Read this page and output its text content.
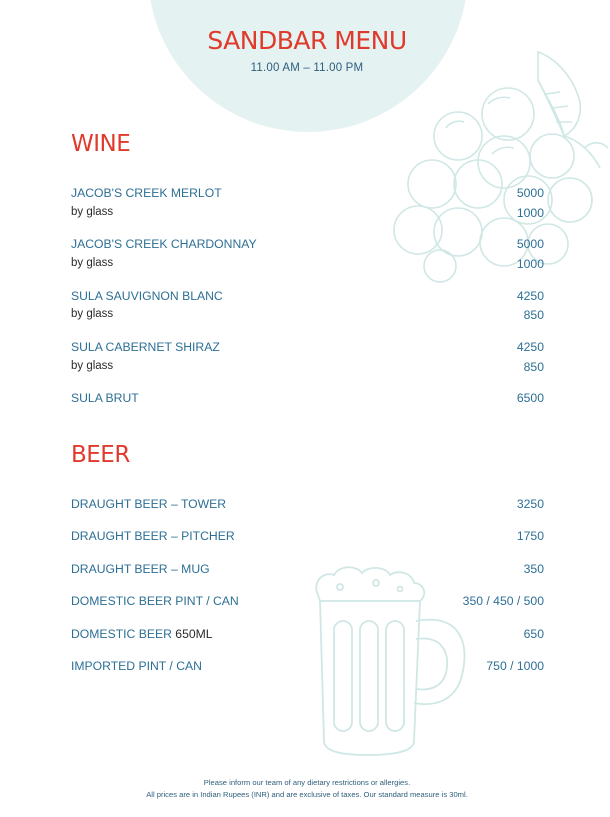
SANDBAR MENU
11.00 AM – 11.00 PM
WINE
JACOB'S CREEK MERLOT	5000
by glass	1000
JACOB'S CREEK CHARDONNAY	5000
by glass	1000
SULA SAUVIGNON BLANC	4250
by glass	850
SULA CABERNET SHIRAZ	4250
by glass	850
SULA BRUT	6500
BEER
DRAUGHT BEER – TOWER	3250
DRAUGHT BEER – PITCHER	1750
DRAUGHT BEER – MUG	350
DOMESTIC BEER PINT / CAN	350 / 450 / 500
DOMESTIC BEER 650ML	650
IMPORTED PINT / CAN	750 / 1000
Please inform our team of any dietary restrictions or allergies.
All prices are in Indian Rupees (INR) and are exclusive of taxes. Our standard measure is 30ml.
